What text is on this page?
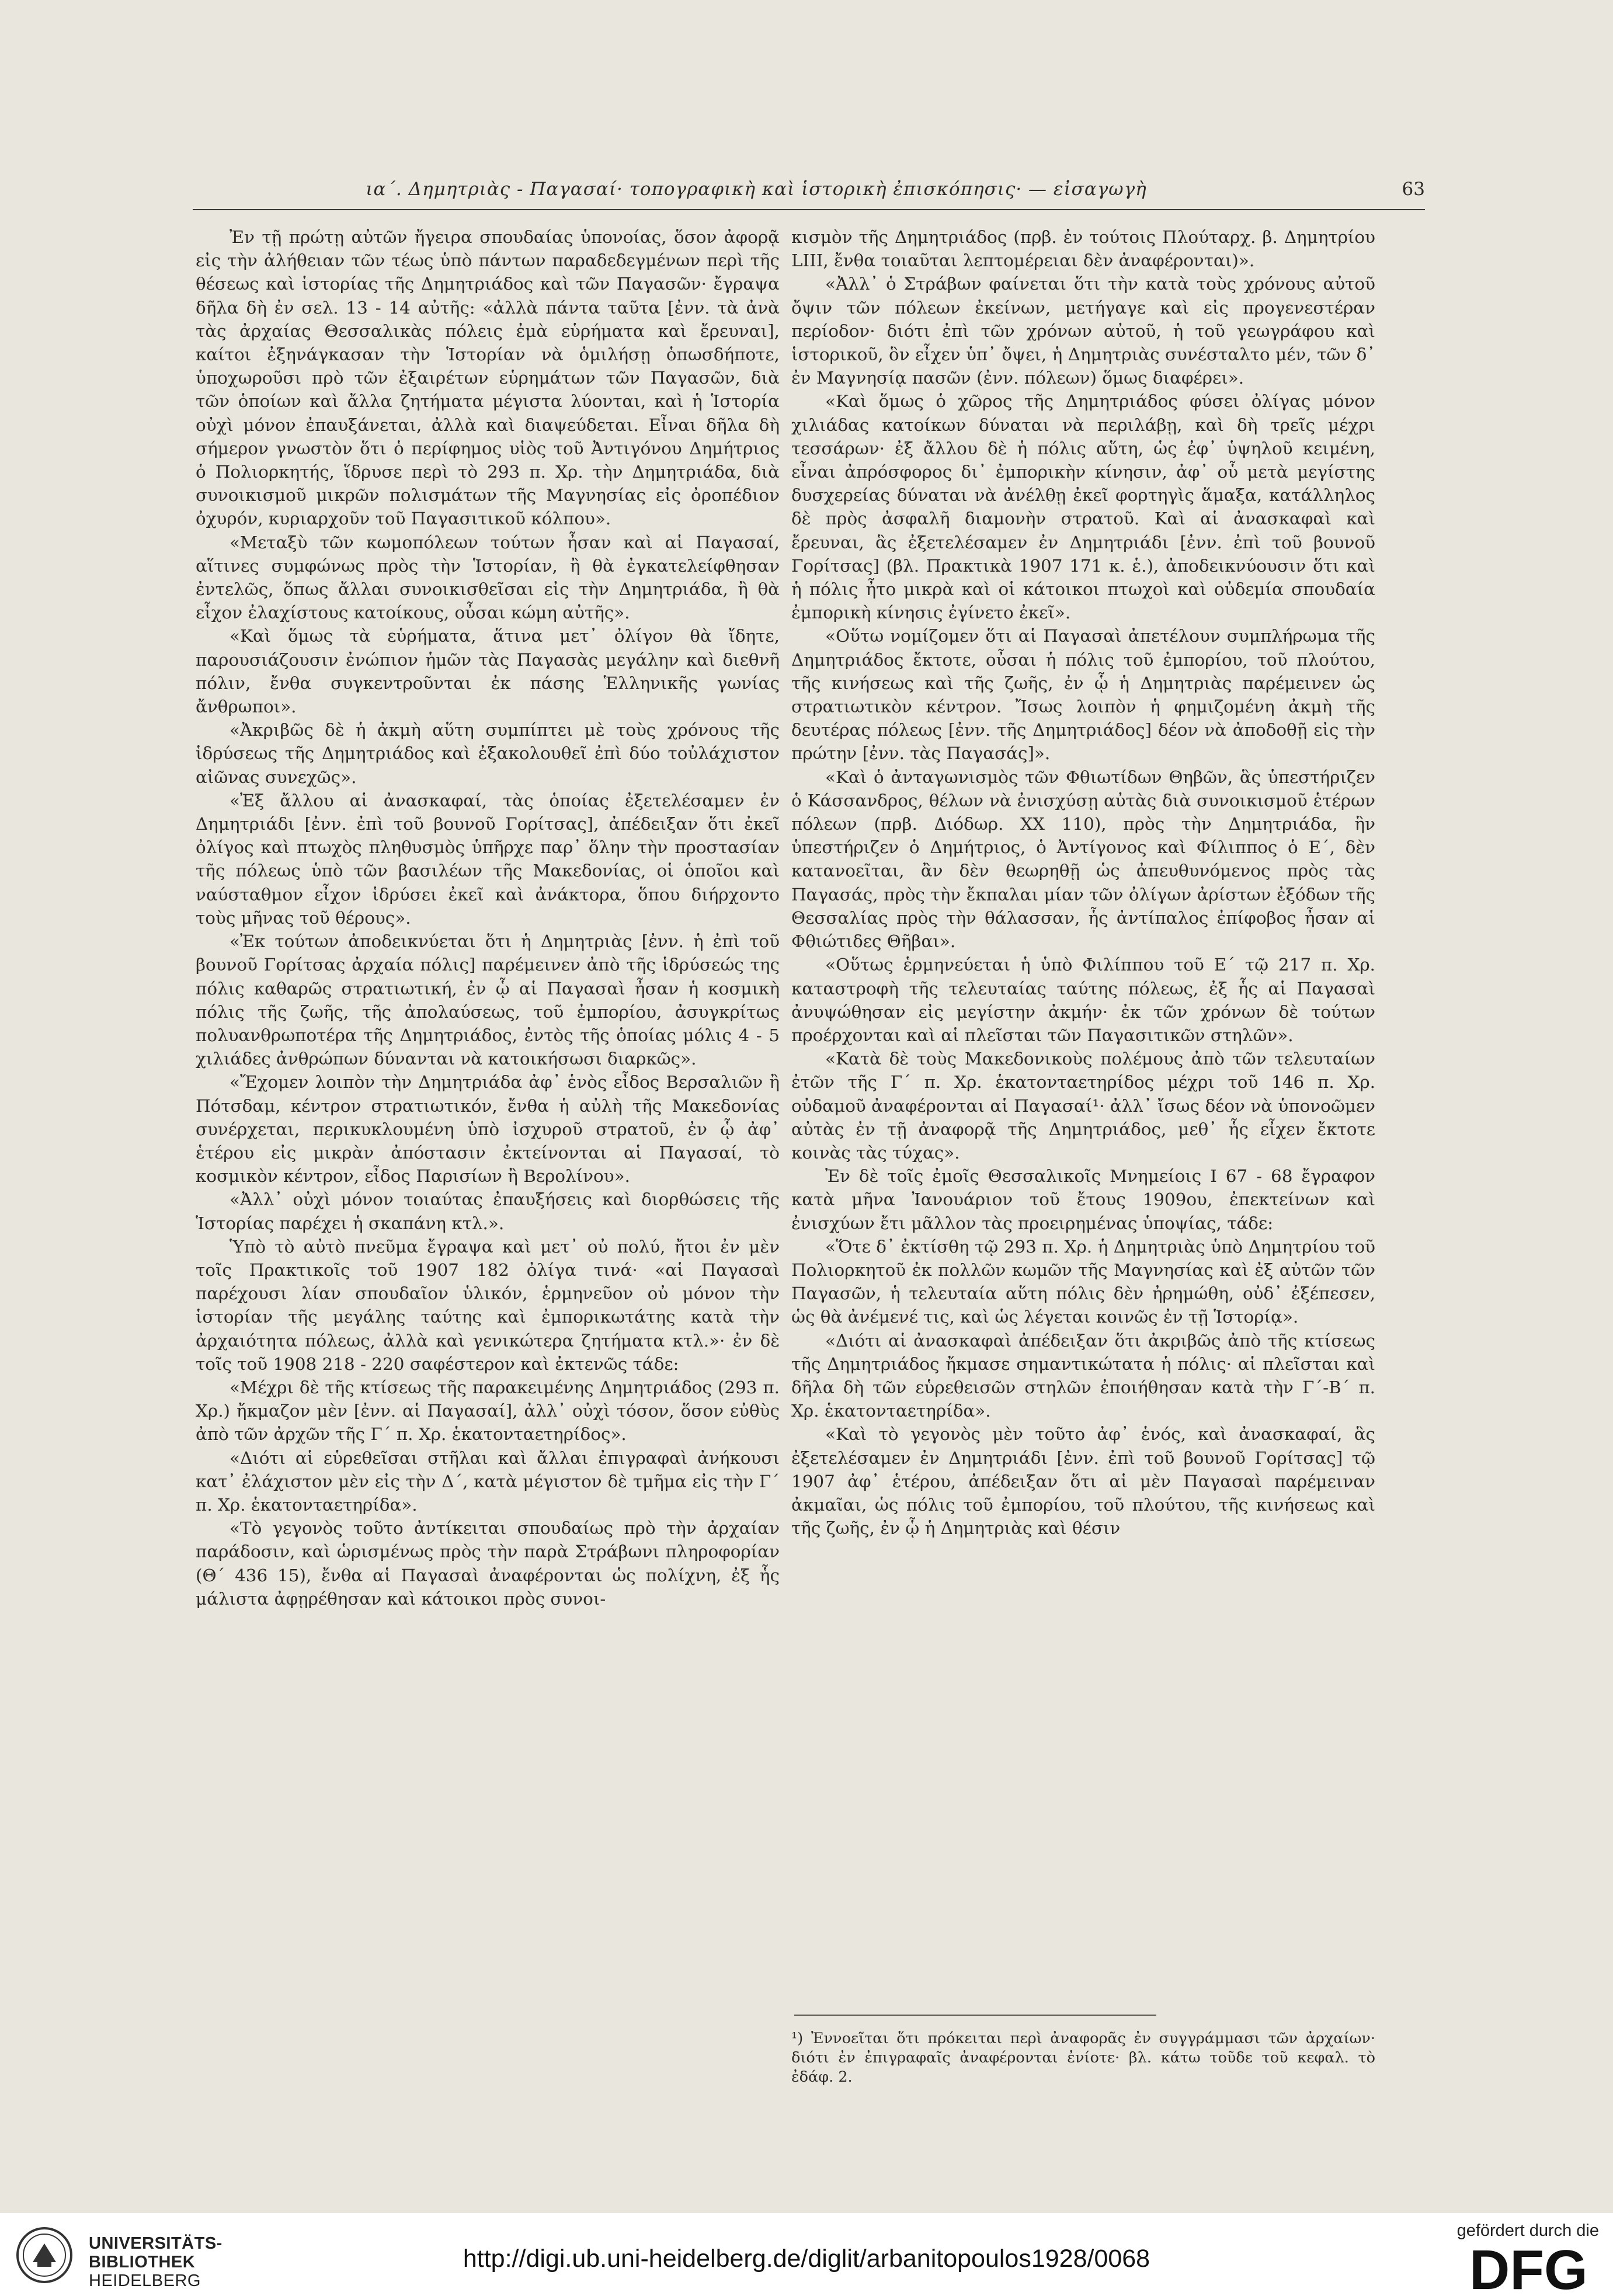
ια΄. Δημητριὰς - Παγασαί· τοπογραφικὴ καὶ ἱστορικὴ ἐπισκόπησις· — εἰσαγωγὴ	63

Ἐν τῇ πρώτῃ αὐτῶν ἤγειρα σπουδαίας ὑπονοίας, ὅσον ἀφορᾷ εἰς τὴν ἀλήθειαν τῶν τέως ὑπὸ πάντων παραδεδεγμένων περὶ τῆς θέσεως καὶ ἱστορίας τῆς Δημητριάδος καὶ τῶν Παγασῶν· ἔγραψα δῆλα δὴ ἐν σελ. 13 - 14 αὐτῆς: «ἀλλὰ πάντα ταῦτα [ἐνν. τὰ ἀνὰ τὰς ἀρχαίας Θεσσαλικὰς πόλεις ἐμὰ εὑρήματα καὶ ἔρευναι], καίτοι ἐξηνάγκασαν τὴν Ἱστορίαν νὰ ὁμιλήσῃ ὁπωσδήποτε, ὑποχωροῦσι πρὸ τῶν ἐξαιρέτων εὑρημάτων τῶν Παγασῶν, διὰ τῶν ὁποίων καὶ ἄλλα ζητήματα μέγιστα λύονται, καὶ ἡ Ἱστορία οὐχὶ μόνον ἐπαυξάνεται, ἀλλὰ καὶ διαψεύδεται. Εἶναι δῆλα δὴ σήμερον γνωστὸν ὅτι ὁ περίφημος υἱὸς τοῦ Ἀντιγόνου Δημήτριος ὁ Πολιορκητής, ἵδρυσε περὶ τὸ 293 π. Χρ. τὴν Δημητριάδα, διὰ συνοικισμοῦ μικρῶν πολισμάτων τῆς Μαγνησίας εἰς ὀροπέδιον ὀχυρόν, κυριαρχοῦν τοῦ Παγασιτικοῦ κόλπου».

«Μεταξὺ τῶν κωμοπόλεων τούτων ἦσαν καὶ αἱ Παγασαί, αἵτινες συμφώνως πρὸς τὴν Ἱστορίαν, ἢ θὰ ἐγκατελείφθησαν ἐντελῶς, ὅπως ἄλλαι συνοικισθεῖσαι εἰς τὴν Δημητριάδα, ἢ θὰ εἶχον ἐλαχίστους κατοίκους, οὖσαι κώμη αὐτῆς».

«Καὶ ὅμως τὰ εὑρήματα, ἅτινα μετ᾽ ὀλίγον θὰ ἴδητε, παρουσιάζουσιν ἐνώπιον ἡμῶν τὰς Παγασὰς μεγάλην καὶ διεθνῆ πόλιν, ἔνθα συγκεντροῦνται ἐκ πάσης Ἑλληνικῆς γωνίας ἄνθρωποι».

«Ἀκριβῶς δὲ ἡ ἀκμὴ αὕτη συμπίπτει μὲ τοὺς χρόνους τῆς ἱδρύσεως τῆς Δημητριάδος καὶ ἐξακολουθεῖ ἐπὶ δύο τοὐλάχιστον αἰῶνας συνεχῶς».

«Ἐξ ἄλλου αἱ ἀνασκαφαί, τὰς ὁποίας ἐξετελέσαμεν ἐν Δημητριάδι [ἐνν. ἐπὶ τοῦ βουνοῦ Γορίτσας], ἀπέδειξαν ὅτι ἐκεῖ ὀλίγος καὶ πτωχὸς πληθυσμὸς ὑπῆρχε παρ᾽ ὅλην τὴν προστασίαν τῆς πόλεως ὑπὸ τῶν βασιλέων τῆς Μακεδονίας, οἱ ὁποῖοι καὶ ναύσταθμον εἶχον ἱδρύσει ἐκεῖ καὶ ἀνάκτορα, ὅπου διήρχοντο τοὺς μῆνας τοῦ θέρους».

«Ἐκ τούτων ἀποδεικνύεται ὅτι ἡ Δημητριὰς [ἐνν. ἡ ἐπὶ τοῦ βουνοῦ Γορίτσας ἀρχαία πόλις] παρέμεινεν ἀπὸ τῆς ἱδρύσεώς της πόλις καθαρῶς στρατιωτική, ἐν ᾧ αἱ Παγασαὶ ἦσαν ἡ κοσμικὴ πόλις τῆς ζωῆς, τῆς ἀπολαύσεως, τοῦ ἐμπορίου, ἀσυγκρίτως πολυανθρωποτέρα τῆς Δημητριάδος, ἐντὸς τῆς ὁποίας μόλις 4 - 5 χιλιάδες ἀνθρώπων δύνανται νὰ κατοικήσωσι διαρκῶς».

«Ἔχομεν λοιπὸν τὴν Δημητριάδα ἀφ᾽ ἑνὸς εἶδος Βερσαλιῶν ἢ Πότσδαμ, κέντρον στρατιωτικόν, ἔνθα ἡ αὐλὴ τῆς Μακεδονίας συνέρχεται, περικυκλουμένη ὑπὸ ἰσχυροῦ στρατοῦ, ἐν ᾧ ἀφ᾽ ἑτέρου εἰς μικρὰν ἀπόστασιν ἐκτείνονται αἱ Παγασαί, τὸ κοσμικὸν κέντρον, εἶδος Παρισίων ἢ Βερολίνου».

«Ἀλλ᾽ οὐχὶ μόνον τοιαύτας ἐπαυξήσεις καὶ διορθώσεις τῆς Ἱστορίας παρέχει ἡ σκαπάνη κτλ.».

Ὑπὸ τὸ αὐτὸ πνεῦμα ἔγραψα καὶ μετ᾽ οὐ πολύ, ἤτοι ἐν μὲν τοῖς Πρακτικοῖς τοῦ 1907 182 ὀλίγα τινά· «αἱ Παγασαὶ παρέχουσι λίαν σπουδαῖον ὑλικόν, ἑρμηνεῦον οὐ μόνον τὴν ἱστορίαν τῆς μεγάλης ταύτης καὶ ἐμπορικωτάτης κατὰ τὴν ἀρχαιότητα πόλεως, ἀλλὰ καὶ γενικώτερα ζητήματα κτλ.»· ἐν δὲ τοῖς τοῦ 1908 218 - 220 σαφέστερον καὶ ἐκτενῶς τάδε:

«Μέχρι δὲ τῆς κτίσεως τῆς παρακειμένης Δημητριάδος (293 π. Χρ.) ἤκμαζον μὲν [ἐνν. αἱ Παγασαί], ἀλλ᾽ οὐχὶ τόσον, ὅσον εὐθὺς ἀπὸ τῶν ἀρχῶν τῆς Γ΄ π. Χρ. ἑκατονταετηρίδος».

«Διότι αἱ εὑρεθεῖσαι στῆλαι καὶ ἄλλαι ἐπιγραφαὶ ἀνήκουσι κατ᾽ ἐλάχιστον μὲν εἰς τὴν Δ΄, κατὰ μέγιστον δὲ τμῆμα εἰς τὴν Γ΄ π. Χρ. ἑκατονταετηρίδα».

«Τὸ γεγονὸς τοῦτο ἀντίκειται σπουδαίως πρὸ τὴν ἀρχαίαν παράδοσιν, καὶ ὡρισμένως πρὸς τὴν παρὰ Στράβωνι πληροφορίαν (Θ΄ 436 15), ἔνθα αἱ Παγασαὶ ἀναφέρονται ὡς πολίχνη, ἐξ ἧς μάλιστα ἀφῃρέθησαν καὶ κάτοικοι πρὸς συνοι-

κισμὸν τῆς Δημητριάδος (πρβ. ἐν τούτοις Πλούταρχ. β. Δημητρίου LIII, ἔνθα τοιαῦται λεπτομέρειαι δὲν ἀναφέρονται)».

«Ἀλλ᾽ ὁ Στράβων φαίνεται ὅτι τὴν κατὰ τοὺς χρόνους αὐτοῦ ὄψιν τῶν πόλεων ἐκείνων, μετήγαγε καὶ εἰς προγενεστέραν περίοδον· διότι ἐπὶ τῶν χρόνων αὐτοῦ, ἡ τοῦ γεωγράφου καὶ ἱστορικοῦ, ὃν εἶχεν ὑπ᾽ ὄψει, ἡ Δημητριὰς συνέσταλτο μέν, τῶν δ᾽ ἐν Μαγνησίᾳ πασῶν (ἐνν. πόλεων) ὅμως διαφέρει».

«Καὶ ὅμως ὁ χῶρος τῆς Δημητριάδος φύσει ὀλίγας μόνον χιλιάδας κατοίκων δύναται νὰ περιλάβῃ, καὶ δὴ τρεῖς μέχρι τεσσάρων· ἐξ ἄλλου δὲ ἡ πόλις αὕτη, ὡς ἐφ᾽ ὑψηλοῦ κειμένη, εἶναι ἀπρόσφορος δι᾽ ἐμπορικὴν κίνησιν, ἀφ᾽ οὗ μετὰ μεγίστης δυσχερείας δύναται νὰ ἀνέλθῃ ἐκεῖ φορτηγὶς ἅμαξα, κατάλληλος δὲ πρὸς ἀσφαλῆ διαμονὴν στρατοῦ. Καὶ αἱ ἀνασκαφαὶ καὶ ἔρευναι, ἃς ἐξετελέσαμεν ἐν Δημητριάδι [ἐνν. ἐπὶ τοῦ βουνοῦ Γορίτσας] (βλ. Πρακτικὰ 1907 171 κ. ἑ.), ἀποδεικνύουσιν ὅτι καὶ ἡ πόλις ἦτο μικρὰ καὶ οἱ κάτοικοι πτωχοὶ καὶ οὐδεμία σπουδαία ἐμπορικὴ κίνησις ἐγίνετο ἐκεῖ».

«Οὕτω νομίζομεν ὅτι αἱ Παγασαὶ ἀπετέλουν συμπλήρωμα τῆς Δημητριάδος ἔκτοτε, οὖσαι ἡ πόλις τοῦ ἐμπορίου, τοῦ πλούτου, τῆς κινήσεως καὶ τῆς ζωῆς, ἐν ᾧ ἡ Δημητριὰς παρέμεινεν ὡς στρατιωτικὸν κέντρον. Ἴσως λοιπὸν ἡ φημιζομένη ἀκμὴ τῆς δευτέρας πόλεως [ἐνν. τῆς Δημητριάδος] δέον νὰ ἀποδοθῇ εἰς τὴν πρώτην [ἐνν. τὰς Παγασάς]».

«Καὶ ὁ ἀνταγωνισμὸς τῶν Φθιωτίδων Θηβῶν, ἃς ὑπεστήριζεν ὁ Κάσσανδρος, θέλων νὰ ἐνισχύσῃ αὐτὰς διὰ συνοικισμοῦ ἑτέρων πόλεων (πρβ. Διόδωρ. XX 110), πρὸς τὴν Δημητριάδα, ἣν ὑπεστήριζεν ὁ Δημήτριος, ὁ Ἀντίγονος καὶ Φίλιππος ὁ Ε΄, δὲν κατανοεῖται, ἂν δὲν θεωρηθῇ ὡς ἀπευθυνόμενος πρὸς τὰς Παγασάς, πρὸς τὴν ἔκπαλαι μίαν τῶν ὀλίγων ἀρίστων ἐξόδων τῆς Θεσσαλίας πρὸς τὴν θάλασσαν, ἧς ἀντίπαλος ἐπίφοβος ἦσαν αἱ Φθιώτιδες Θῆβαι».

«Οὕτως ἑρμηνεύεται ἡ ὑπὸ Φιλίππου τοῦ Ε΄ τῷ 217 π. Χρ. καταστροφὴ τῆς τελευταίας ταύτης πόλεως, ἐξ ἧς αἱ Παγασαὶ ἀνυψώθησαν εἰς μεγίστην ἀκμήν· ἐκ τῶν χρόνων δὲ τούτων προέρχονται καὶ αἱ πλεῖσται τῶν Παγασιτικῶν στηλῶν».

«Κατὰ δὲ τοὺς Μακεδονικοὺς πολέμους ἀπὸ τῶν τελευταίων ἐτῶν τῆς Γ΄ π. Χρ. ἑκατονταετηρίδος μέχρι τοῦ 146 π. Χρ. οὐδαμοῦ ἀναφέρονται αἱ Παγασαί¹· ἀλλ᾽ ἴσως δέον νὰ ὑπονοῶμεν αὐτὰς ἐν τῇ ἀναφορᾷ τῆς Δημητριάδος, μεθ᾽ ἧς εἶχεν ἔκτοτε κοινὰς τὰς τύχας».

Ἐν δὲ τοῖς ἐμοῖς Θεσσαλικοῖς Μνημείοις Ι 67 - 68 ἔγραφον κατὰ μῆνα Ἰανουάριον τοῦ ἔτους 1909ου, ἐπεκτείνων καὶ ἐνισχύων ἔτι μᾶλλον τὰς προειρημένας ὑποψίας, τάδε:

«Ὅτε δ᾽ ἐκτίσθη τῷ 293 π. Χρ. ἡ Δημητριὰς ὑπὸ Δημητρίου τοῦ Πολιορκητοῦ ἐκ πολλῶν κωμῶν τῆς Μαγνησίας καὶ ἐξ αὐτῶν τῶν Παγασῶν, ἡ τελευταία αὕτη πόλις δὲν ἠρημώθη, οὐδ᾽ ἐξέπεσεν, ὡς θὰ ἀνέμενέ τις, καὶ ὡς λέγεται κοινῶς ἐν τῇ Ἱστορίᾳ».

«Διότι αἱ ἀνασκαφαὶ ἀπέδειξαν ὅτι ἀκριβῶς ἀπὸ τῆς κτίσεως τῆς Δημητριάδος ἤκμασε σημαντικώτατα ἡ πόλις· αἱ πλεῖσται καὶ δῆλα δὴ τῶν εὑρεθεισῶν στηλῶν ἐποιήθησαν κατὰ τὴν Γ΄-Β΄ π. Χρ. ἑκατονταετηρίδα».

«Καὶ τὸ γεγονὸς μὲν τοῦτο ἀφ᾽ ἑνός, καὶ ἀνασκαφαί, ἃς ἐξετελέσαμεν ἐν Δημητριάδι [ἐνν. ἐπὶ τοῦ βουνοῦ Γορίτσας] τῷ 1907 ἀφ᾽ ἑτέρου, ἀπέδειξαν ὅτι αἱ μὲν Παγασαὶ παρέμειναν ἀκμαῖαι, ὡς πόλις τοῦ ἐμπορίου, τοῦ πλούτου, τῆς κινήσεως καὶ τῆς ζωῆς, ἐν ᾧ ἡ Δημητριὰς καὶ θέσιν

¹) Ἐννοεῖται ὅτι πρόκειται περὶ ἀναφορᾶς ἐν συγγράμμασι τῶν ἀρχαίων· διότι ἐν ἐπιγραφαῖς ἀναφέρονται ἐνίοτε· βλ. κάτω τοῦδε τοῦ κεφαλ. τὸ ἐδάφ. 2.
UNIVERSITÄTS-
BIBLIOTHEK
HEIDELBERG
http://digi.ub.uni-heidelberg.de/diglit/arbanitopoulos1928/0068
gefördert durch die
DFG
